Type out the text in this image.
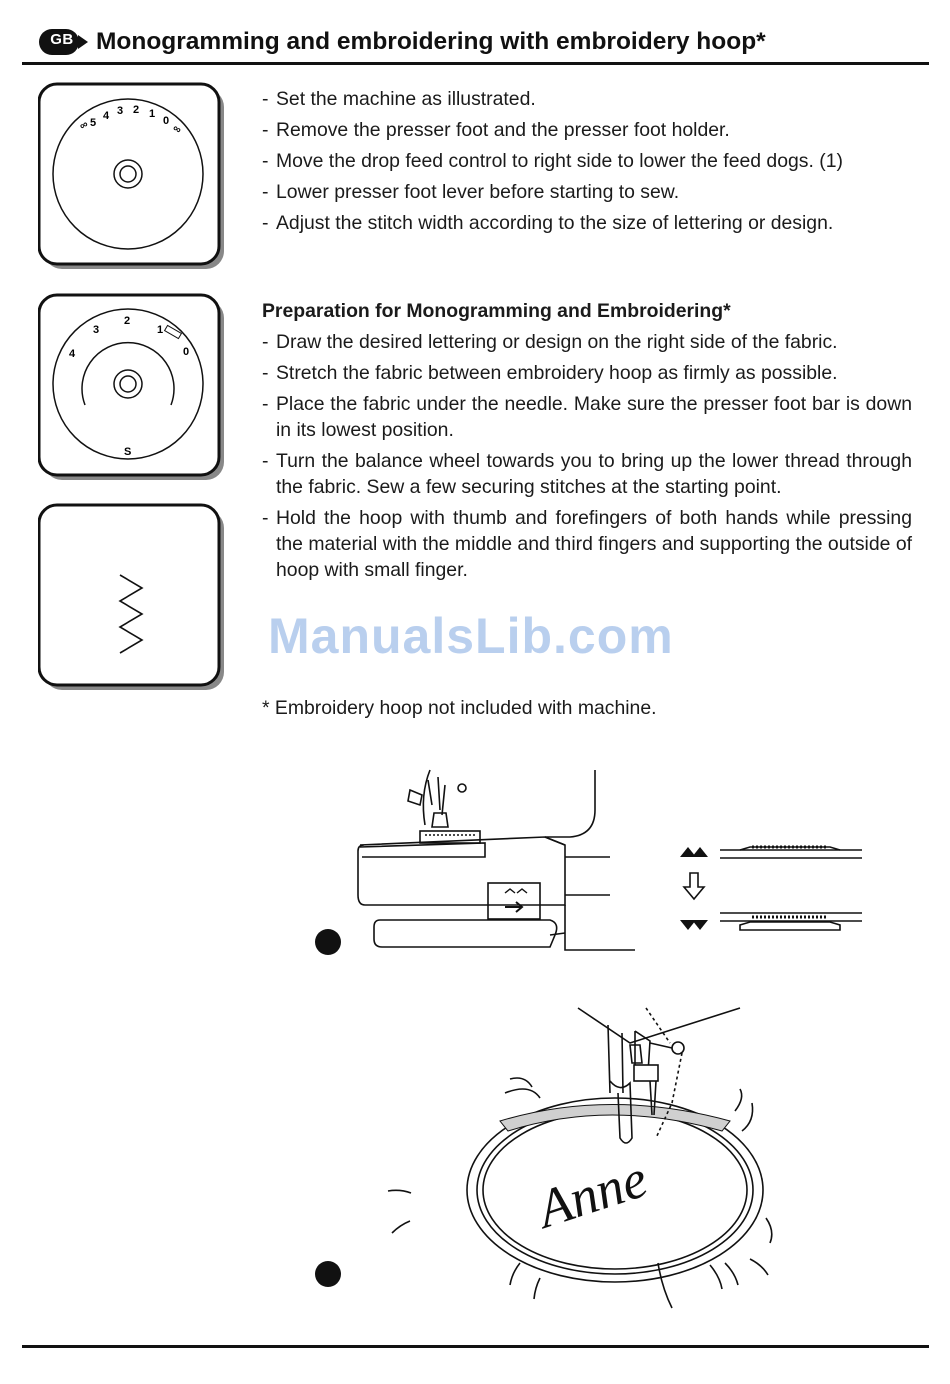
GB Monogramming and embroidering with embroidery hoop*
∞ 5
4 3 2 1
0
∞
4
3
2
1
0
S
- Set the machine as illustrated.
- Remove the presser foot and the presser foot holder.
- Move the drop feed control to right side to lower the feed dogs. (1)
- Lower presser foot lever before starting to sew.
- Adjust the stitch width according to the size of lettering or design.
Preparation for Monogramming and Embroidering*
- Draw the desired lettering or design on the right side of the fabric.
- Stretch the fabric between embroidery hoop as firmly as possible.
- Place the fabric under the needle. Make sure the presser foot bar is down in its lowest position.
- Turn the balance wheel towards you to bring up the lower thread through the fabric. Sew a few securing stitches at the starting point.
- Hold the hoop with thumb and forefingers of both hands while pressing the material with the middle and third fingers and supporting the outside of hoop with small finger.
* Embroidery hoop not included with machine.
ManualsLib.com
Anne
